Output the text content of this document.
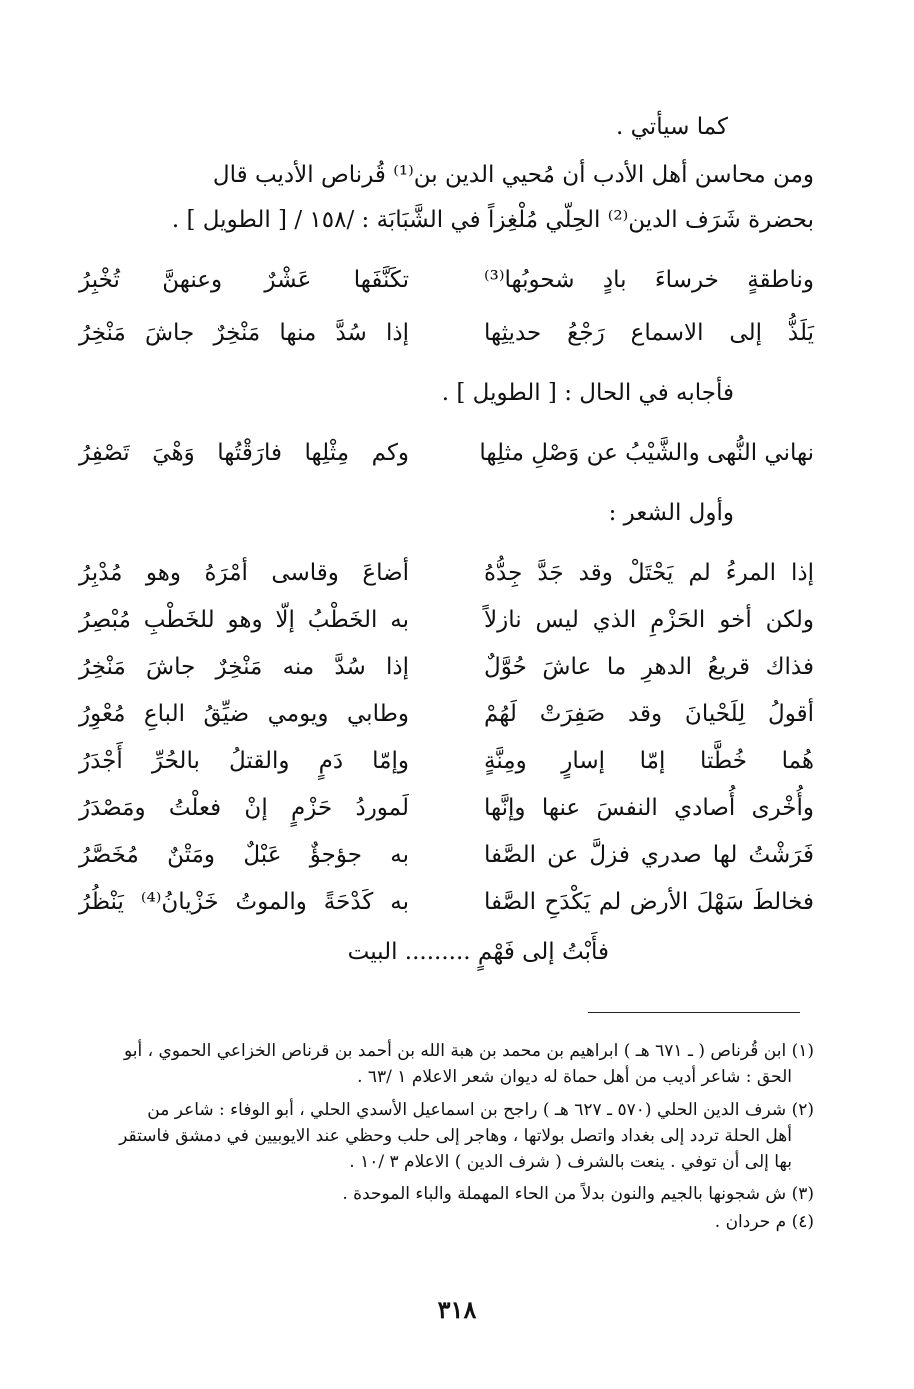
كما سيأتي .
ومن محاسن أهل الأدب أن مُحيي الدين بن⁽¹⁾ قُرناص الأديب قال
بحضرة شَرَف الدين⁽²⁾ الحِلّي مُلْغِزاً في الشَّبَابَة : /١٥٨ / [ الطويل ] .
وناطقةٍ خرساءَ بادٍ شحوبُها⁽³⁾
تكَنَّفَها عَشْرٌ وعنهنَّ تُخْبِرُ
يَلَذُّ إلى الاسماع رَجْعُ حديثِها
إذا سُدَّ منها مَنْخِرٌ جاشَ مَنْخِرُ
فأجابه في الحال : [ الطويل ] .
نهاني النُّهى والشَّيْبُ عن وَصْلِ مثلِها
وكم مِثْلِها فارَقْتُها وَهْيَ تَصْفِرُ
وأول الشعر :
إذا المرءُ لم يَحْتَلْ وقد جَدَّ جِدُّهُ
أضاعَ وقاسى أمْرَهُ وهو مُدْبِرُ
ولكن أخو الحَزْمِ الذي ليس نازلاً
به الخَطْبُ إلّا وهو للخَطْبِ مُبْصِرُ
فذاك قريعُ الدهرِ ما عاشَ حُوَّلٌ
إذا سُدَّ منه مَنْخِرٌ جاشَ مَنْخِرُ
أقولُ لِلَحْيانَ وقد صَفِرَتْ لَهُمْ
وطابي ويومي ضيِّقُ الباعِ مُعْوِرُ
هُما خُطَّتا إمّا إسارٍ ومِنَّةٍ
وإمّا دَمٍ والقتلُ بالحُرِّ أَجْدَرُ
وأُخْرى أُصادي النفسَ عنها وإنَّها
لَموردُ حَزْمٍ إنْ فعلْتُ ومَصْدَرُ
فَرَشْتُ لها صدري فزلَّ عن الصَّفا
به جؤجؤٌ عَبْلٌ ومَتْنٌ مُخَصَّرُ
فخالطَ سَهْلَ الأرض لم يَكْدَحِ الصَّفا
به كَدْحَةً والموتُ خَزْيانُ⁽⁴⁾ يَنْظُرُ
فأَبْتُ إلى فَهْمٍ ......... البيت
(١) ابن قُرناص ( ـ ٦٧١ هـ ) ابراهيم بن محمد بن هبة الله بن أحمد بن قرناص الخزاعي الحموي ، أبو
الحق : شاعر أديب من أهل حماة له ديوان شعر الاعلام ١ /٦٣ .
(٢) شرف الدين الحلي (٥٧٠ ـ ٦٢٧ هـ ) راجح بن اسماعيل الأسدي الحلي ، أبو الوفاء : شاعر من
أهل الحلة تردد إلى بغداد واتصل بولاتها ، وهاجر إلى حلب وحظي عند الايوبيين في دمشق فاستقر
بها إلى أن توفي . ينعت بالشرف ( شرف الدين ) الاعلام ٣ /١٠ .
(٣) ش شجونها بالجيم والنون بدلاً من الحاء المهملة والباء الموحدة .
(٤) م حردان .
٣١٨
